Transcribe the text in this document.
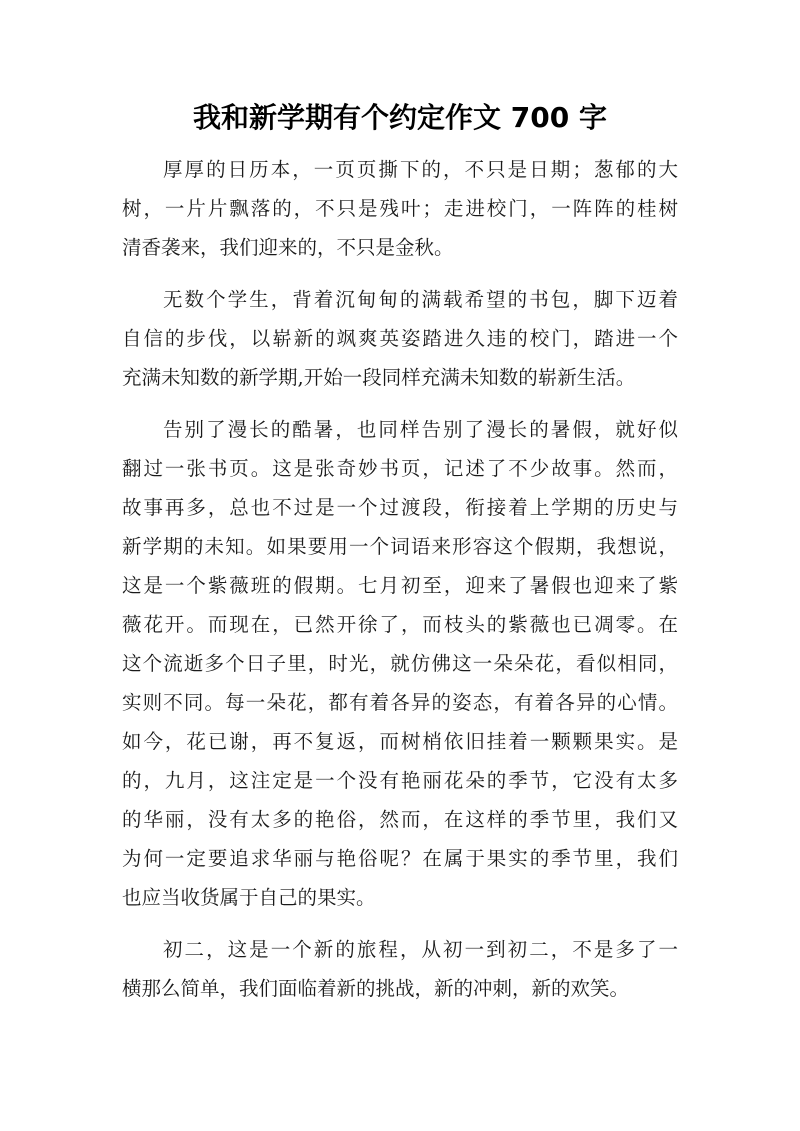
我和新学期有个约定作文 700 字

厚厚的日历本，一页页撕下的，不只是日期；葱郁的大
树，一片片飘落的，不只是残叶；走进校门，一阵阵的桂树
清香袭来，我们迎来的，不只是金秋。

无数个学生，背着沉甸甸的满载希望的书包，脚下迈着
自信的步伐，以崭新的飒爽英姿踏进久违的校门，踏进一个
充满未知数的新学期,开始一段同样充满未知数的崭新生活。

告别了漫长的酷暑，也同样告别了漫长的暑假，就好似
翻过一张书页。这是张奇妙书页，记述了不少故事。然而，
故事再多，总也不过是一个过渡段，衔接着上学期的历史与
新学期的未知。如果要用一个词语来形容这个假期，我想说，
这是一个紫薇班的假期。七月初至，迎来了暑假也迎来了紫
薇花开。而现在，已然开徐了，而枝头的紫薇也已凋零。在
这个流逝多个日子里，时光，就仿佛这一朵朵花，看似相同，
实则不同。每一朵花，都有着各异的姿态，有着各异的心情。
如今，花已谢，再不复返，而树梢依旧挂着一颗颗果实。是
的，九月，这注定是一个没有艳丽花朵的季节，它没有太多
的华丽，没有太多的艳俗，然而，在这样的季节里，我们又
为何一定要追求华丽与艳俗呢？在属于果实的季节里，我们
也应当收货属于自己的果实。

初二，这是一个新的旅程，从初一到初二，不是多了一
横那么简单，我们面临着新的挑战，新的冲刺，新的欢笑。
